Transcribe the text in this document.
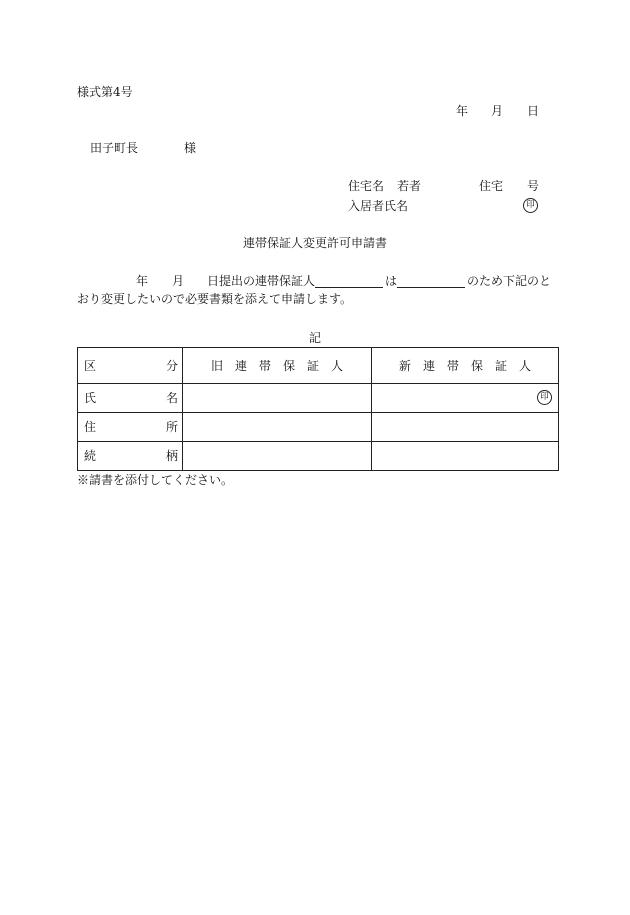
様式第4号
年 月 日
田子町長	様
住宅名 若者	住宅 号
入居者氏名	印
連帯保証人変更許可申請書
年 月 日提出の連帯保証人	は	のため下記のと
おり変更したいので必要書類を添えて申請します。
記
区 分	旧　連　帯　保　証　人	新　連　帯　保　証　人

氏 名		印

住 所		

続 柄		

※請書を添付してください。
